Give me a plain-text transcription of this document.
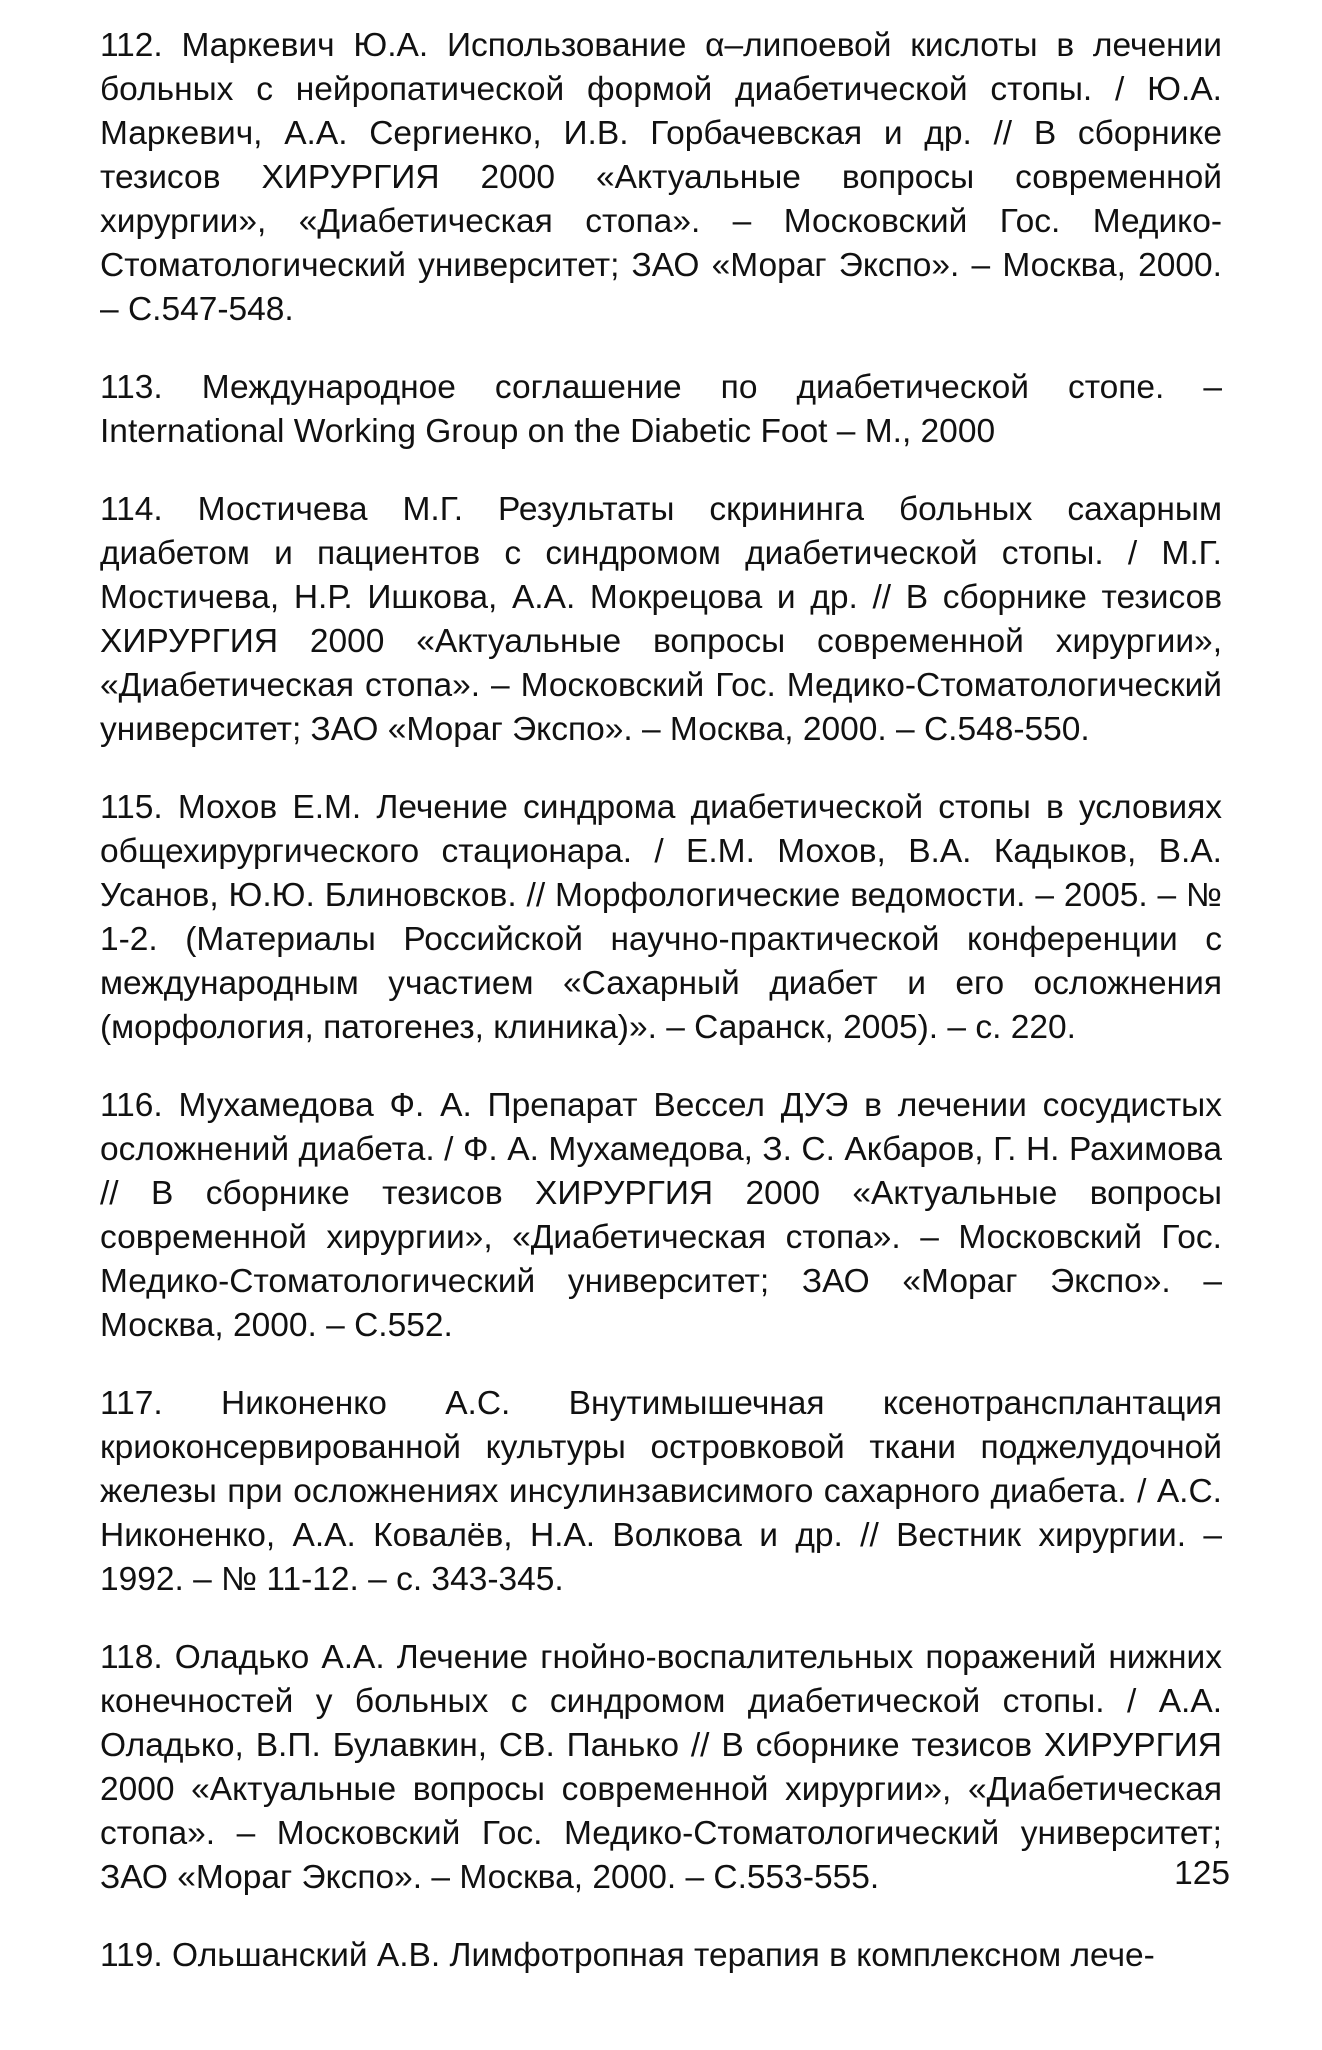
112. Маркевич Ю.А. Использование α–липоевой кислоты в лечении больных с нейропатической формой диабетической стопы. / Ю.А. Маркевич, А.А. Сергиенко, И.В. Горбачевская и др. // В сборнике тезисов ХИРУРГИЯ 2000 «Актуальные вопросы современной хирургии», «Диабетическая стопа». – Московский Гос. Медико-Стоматологический университет; ЗАО «Мораг Экспо». – Москва, 2000. – С.547-548.

113. Международное соглашение по диабетической стопе. – International Working Group on the Diabetic Foot – М., 2000

114. Мостичева М.Г. Результаты скрининга больных сахарным диабетом и пациентов с синдромом диабетической стопы. / М.Г. Мостичева, Н.Р. Ишкова, А.А. Мокрецова и др. // В сборнике тезисов ХИРУРГИЯ 2000 «Актуальные вопросы современной хирургии», «Диабетическая стопа». – Московский Гос. Медико-Стоматологический университет; ЗАО «Мораг Экспо». – Москва, 2000. – С.548-550.

115. Мохов Е.М. Лечение синдрома диабетической стопы в условиях общехирургического стационара. / Е.М. Мохов, В.А. Кадыков, В.А. Усанов, Ю.Ю. Блиновсков. // Морфологические ведомости. – 2005. – № 1-2. (Материалы Российской научно-практической конференции с международным участием «Сахарный диабет и его осложнения (морфология, патогенез, клиника)». – Саранск, 2005). – с. 220.

116. Мухамедова Ф. А. Препарат Вессел ДУЭ в лечении сосудистых осложнений диабета. / Ф. А. Мухамедова, З. С. Акбаров, Г. Н. Рахимова // В сборнике тезисов ХИРУРГИЯ 2000 «Актуальные вопросы современной хирургии», «Диабетическая стопа». – Московский Гос. Медико-Стоматологический университет; ЗАО «Мораг Экспо». – Москва, 2000. – С.552.

117. Никоненко А.С. Внутимышечная ксенотрансплантация криоконсервированной культуры островковой ткани поджелудочной железы при осложнениях инсулинзависимого сахарного диабета. / А.С. Никоненко, А.А. Ковалёв, Н.А. Волкова и др. // Вестник хирургии. – 1992. – № 11-12. – с. 343-345.

118. Оладько А.А. Лечение гнойно-воспалительных поражений нижних конечностей у больных с синдромом диабетической стопы. / А.А. Оладько, В.П. Булавкин, СВ. Панько // В сборнике тезисов ХИРУРГИЯ 2000 «Актуальные вопросы современной хирургии», «Диабетическая стопа». – Московский Гос. Медико-Стоматологический университет; ЗАО «Мораг Экспо». – Москва, 2000. – С.553-555.

119. Ольшанский А.В. Лимфотропная терапия в комплексном лече-

125
